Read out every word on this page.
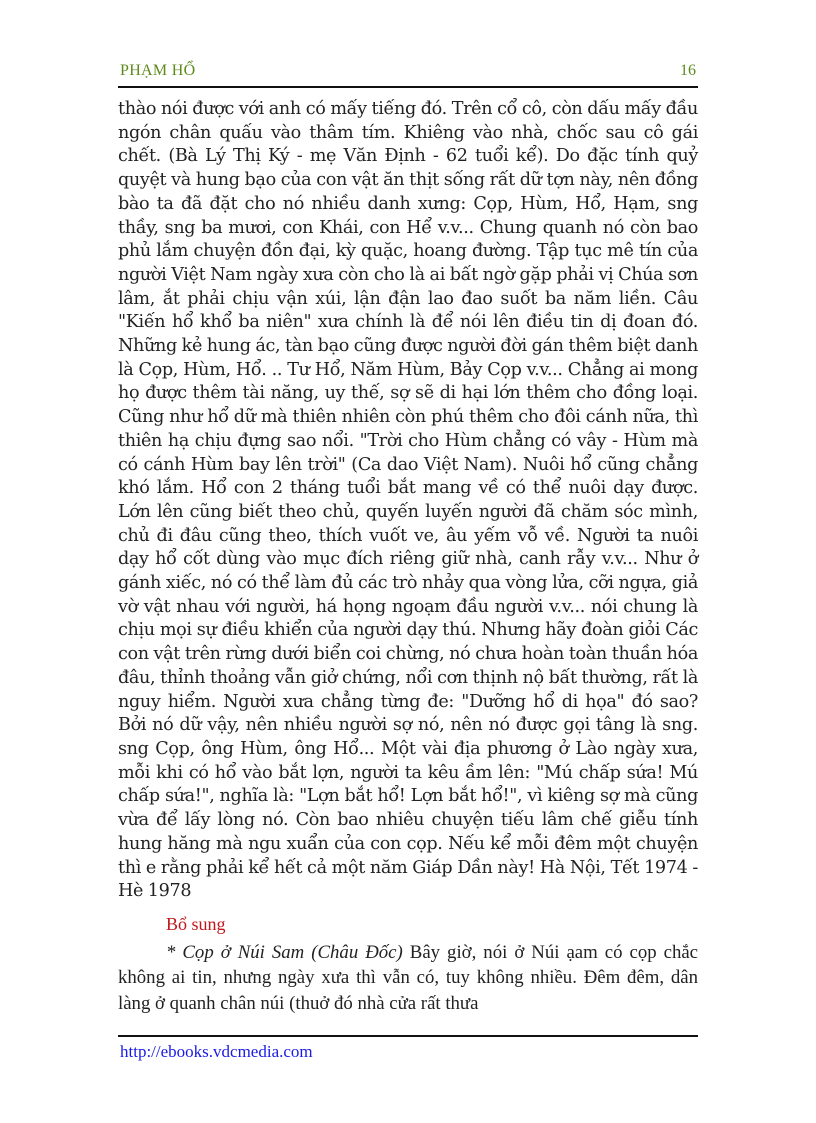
PHẠM HỔ	16

thào nói được với anh có mấy tiếng đó. Trên cổ cô, còn dấu mấy đầu ngón chân quấu vào thâm tím. Khiêng vào nhà, chốc sau cô gái chết. (Bà Lý Thị Ký - mẹ Văn Định - 62 tuổi kể). Do đặc tính quỷ quyệt và hung bạo của con vật ăn thịt sống rất dữ tợn này, nên đồng bào ta đã đặt cho nó nhiều danh xưng: Cọp, Hùm, Hổ, Hạm, sng thầy, sng ba mươi, con Khái, con Hể v.v... Chung quanh nó còn bao phủ lắm chuyện đồn đại, kỳ quặc, hoang đường. Tập tục mê tín của người Việt Nam ngày xưa còn cho là ai bất ngờ gặp phải vị Chúa sơn lâm, ắt phải chịu vận xúi, lận đận lao đao suốt ba năm liền. Câu "Kiến hổ khổ ba niên" xưa chính là để nói lên điều tin dị đoan đó. Những kẻ hung ác, tàn bạo cũng được người đời gán thêm biệt danh là Cọp, Hùm, Hổ. .. Tư Hổ, Năm Hùm, Bảy Cọp v.v... Chẳng ai mong họ được thêm tài năng, uy thế, sợ sẽ di hại lớn thêm cho đồng loại. Cũng như hổ dữ mà thiên nhiên còn phú thêm cho đôi cánh nữa, thì thiên hạ chịu đựng sao nổi. "Trời cho Hùm chẳng có vây - Hùm mà có cánh Hùm bay lên trời" (Ca dao Việt Nam). Nuôi hổ cũng chẳng khó lắm. Hổ con 2 tháng tuổi bắt mang về có thể nuôi dạy được. Lớn lên cũng biết theo chủ, quyến luyến người đã chăm sóc mình, chủ đi đâu cũng theo, thích vuốt ve, âu yếm vỗ về. Người ta nuôi dạy hổ cốt dùng vào mục đích riêng giữ nhà, canh rẫy v.v... Như ở gánh xiếc, nó có thể làm đủ các trò nhảy qua vòng lửa, cỡi ngựa, giả vờ vật nhau với người, há họng ngoạm đầu người v.v... nói chung là chịu mọi sự điều khiển của người dạy thú. Nhưng hãy đoàn giỏi Các con vật trên rừng dưới biển coi chừng, nó chưa hoàn toàn thuần hóa đâu, thỉnh thoảng vẫn giở chứng, nổi cơn thịnh nộ bất thường, rất là nguy hiểm. Người xưa chẳng từng đe: "Dưỡng hổ di họa" đó sao? Bởi nó dữ vậy, nên nhiều người sợ nó, nên nó được gọi tâng là sng. sng Cọp, ông Hùm, ông Hổ... Một vài địa phương ở Lào ngày xưa, mỗi khi có hổ vào bắt lợn, người ta kêu ầm lên: "Mú chấp sứa! Mú chấp sứa!", nghĩa là: "Lợn bắt hổ! Lợn bắt hổ!", vì kiêng sợ mà cũng vừa để lấy lòng nó. Còn bao nhiêu chuyện tiếu lâm chế giễu tính hung hăng mà ngu xuẩn của con cọp. Nếu kể mỗi đêm một chuyện thì e rằng phải kể hết cả một năm Giáp Dần này! Hà Nội, Tết 1974 - Hè 1978

Bổ sung

* Cọp ở Núi Sam (Châu Đốc) Bây giờ, nói ở Núi ạam có cọp chắc không ai tin, nhưng ngày xưa thì vẫn có, tuy không nhiều. Đêm đêm, dân làng ở quanh chân núi (thuở đó nhà cửa rất thưa

http://ebooks.vdcmedia.com
